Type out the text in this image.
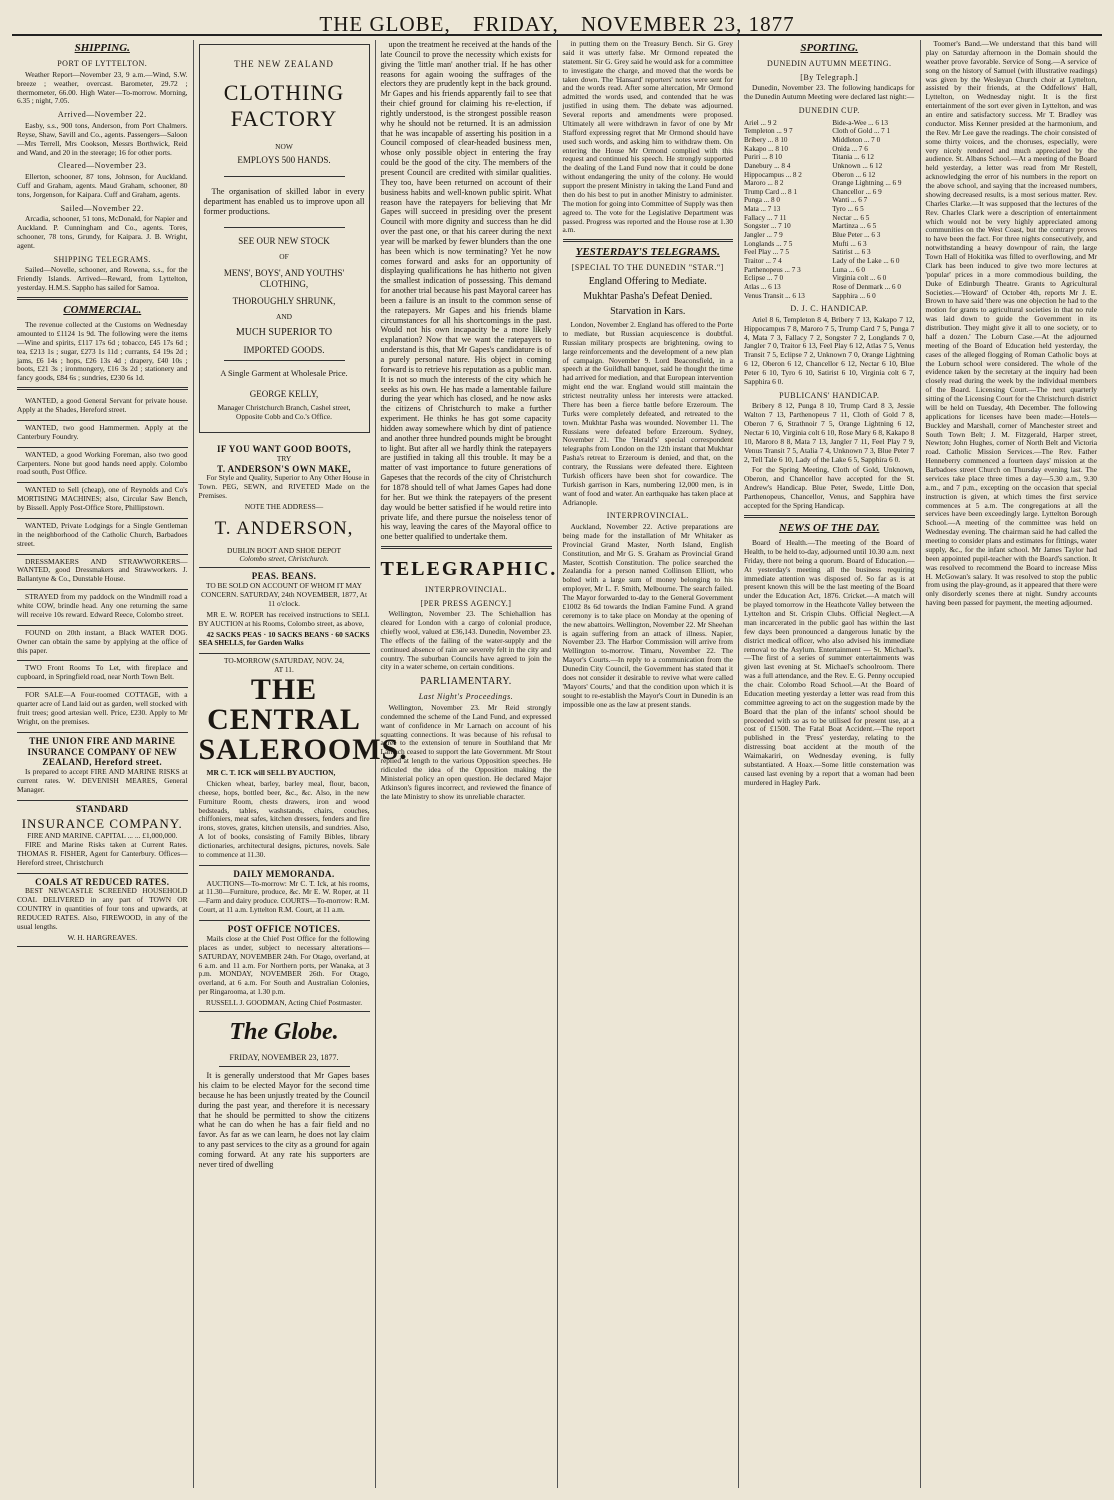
THE GLOBE, FRIDAY, NOVEMBER 23, 1877
SHIPPING.
PORT OF LYTTELTON.

Weather Report—November 23, 9 a.m.—Wind, S.W. breeze ; weather, overcast. Barometer, 29.72 ; thermometer, 66.00. High Water—To-morrow. Morning, 6.35 ; night, 7.05.

Arrived—November 22.

Easby, s.s., 900 tons, Anderson, from Port Chalmers. Reyse, Shaw, Savill and Co., agents. Passengers—Saloon—Mrs Terrell, Mrs Cookson, Messrs Borthwick, Reid and Wand, and 20 in the steerage; 16 for other ports.

Cleared—November 23.

Ellerton, schooner, 87 tons, Johnson, for Auckland. Cuff and Graham, agents. Maud Graham, schooner, 80 tons, Jorgenson, for Kaipara. Cuff and Graham, agents.

Sailed—November 22.

Arcadia, schooner, 51 tons, McDonald, for Napier and Auckland. P. Cunningham and Co., agents. Tores, schooner, 78 tons, Grundy, for Kaipara. J. B. Wright, agent.

SHIPPING TELEGRAMS.

Sailed—Novelle, schooner, and Rowena, s.s., for the Friendly Islands. Arrived—Reward, from Lyttelton, yesterday. H.M.S. Sappho has sailed for Samoa.

COMMERCIAL.

The revenue collected at the Customs on Wednesday amounted to £1124 1s 9d. The following were the items—Wine and spirits, £117 17s 6d ; tobacco, £45 17s 6d ; tea, £213 1s ; sugar, £273 1s 11d ; currants, £4 19s 2d ; jams, £6 14s ; hops, £26 13s 4d ; drapery, £40 10s ; boots, £21 3s ; ironmongery, £16 3s 2d ; stationery and fancy goods, £84 6s ; sundries, £230 6s 1d.

WANTED, a good General Servant for private house. Apply at the Shades, Hereford street.

WANTED, two good Hammermen. Apply at the Canterbury Foundry.

WANTED, a good Working Foreman, also two good Carpenters. None but good hands need apply. Colombo road south, Post Office.

WANTED to Sell (cheap), one of Reynolds and Co's MORTISING MACHINES; also, Circular Saw Bench, by Bissell. Apply Post-Office Store, Phillipstown.

WANTED, Private Lodgings for a Single Gentleman in the neighborhood of the Catholic Church, Barbadoes street.

DRESSMAKERS AND STRAWWORKERS—WANTED, good Dressmakers and Strawworkers. J. Ballantyne & Co., Dunstable House.

STRAYED from my paddock on the Windmill road a white COW, brindle head. Any one returning the same will receive 10s reward. Edward Reece, Colombo street.

FOUND on 20th instant, a Black WATER DOG. Owner can obtain the same by applying at the office of this paper.

TWO Front Rooms To Let, with fireplace and cupboard, in Springfield road, near North Town Belt.

FOR SALE—A Four-roomed COTTAGE, with a quarter acre of Land laid out as garden, well stocked with fruit trees; good artesian well. Price, £230. Apply to Mr Wright, on the premises.

THE UNION FIRE AND MARINE INSURANCE COMPANY OF NEW ZEALAND, Hereford street.

Is prepared to accept FIRE AND MARINE RISKS at current rates. W. DEVENISH MEARES, General Manager.

STANDARD
INSURANCE COMPANY.
FIRE AND MARINE. CAPITAL ... ... £1,000,000.

FIRE and Marine Risks taken at Current Rates. THOMAS R. FISHER, Agent for Canterbury. Offices—Hereford street, Christchurch

COALS AT REDUCED RATES.

BEST NEWCASTLE SCREENED HOUSEHOLD COAL DELIVERED in any part of TOWN OR COUNTRY in quantities of four tons and upwards, at REDUCED RATES. Also, FIREWOOD, in any of the usual lengths.

W. H. HARGREAVES.
THE NEW ZEALAND
CLOTHING FACTORY
NOW
EMPLOYS 500 HANDS.

The organisation of skilled labor in every department has enabled us to improve upon all former productions.

SEE OUR NEW STOCK
OF
MENS', BOYS', AND YOUTHS' CLOTHING,
THOROUGHLY SHRUNK,
AND
MUCH SUPERIOR TO
IMPORTED GOODS.
A Single Garment at Wholesale Price.
GEORGE KELLY,
Manager Christchurch Branch, Cashel street, Opposite Cobb and Co.'s Office.
IF YOU WANT GOOD BOOTS,
TRY
T. ANDERSON'S OWN MAKE,

For Style and Quality, Superior to Any Other House in Town. PEG, SEWN, and RIVETED Made on the Premises.

NOTE THE ADDRESS—
T. ANDERSON,
DUBLIN BOOT AND SHOE DEPOT
Colombo street, Christchurch.
PEAS. BEANS.

TO BE SOLD ON ACCOUNT OF WHOM IT MAY CONCERN. SATURDAY, 24th NOVEMBER, 1877, At 11 o'clock.

MR E. W. ROPER has received instructions to SELL BY AUCTION at his Rooms, Colombo street, as above,

42 SACKS PEAS · 10 SACKS BEANS · 60 SACKS SEA SHELLS, for Garden Walks

TO-MORROW (SATURDAY, NOV. 24,
AT 11.
THE CENTRAL
SALEROOMS.

MR C. T. ICK will SELL BY AUCTION,

Chicken wheat, barley, barley meal, flour, bacon, cheese, hops, bottled beer, &c., &c. Also, in the new Furniture Room, chests drawers, iron and wood bedsteads, tables, washstands, chairs, couches, chiffoniers, meat safes, kitchen dressers, fenders and fire irons, stoves, grates, kitchen utensils, and sundries. Also, A lot of books, consisting of Family Bibles, library dictionaries, architectural designs, pictures, novels. Sale to commence at 11.30.

DAILY MEMORANDA.

AUCTIONS—To-morrow: Mr C. T. Ick, at his rooms, at 11.30—Furniture, produce, &c. Mr E. W. Roper, at 11—Farm and dairy produce. COURTS—To-morrow: R.M. Court, at 11 a.m. Lyttelton R.M. Court, at 11 a.m.

POST OFFICE NOTICES.

Mails close at the Chief Post Office for the following places as under, subject to necessary alterations—SATURDAY, NOVEMBER 24th. For Otago, overland, at 6 a.m. and 11 a.m. For Northern ports, per Wanaka, at 3 p.m. MONDAY, NOVEMBER 26th. For Otago, overland, at 6 a.m. For South and Australian Colonies, per Ringarooma, at 1.30 p.m.

RUSSELL J. GOODMAN, Acting Chief Postmaster.
The Globe.
FRIDAY, NOVEMBER 23, 1877.

It is generally understood that Mr Gapes bases his claim to be elected Mayor for the second time because he has been unjustly treated by the Council during the past year, and therefore it is necessary that he should be permitted to show the citizens what he can do when he has a fair field and no favor. As far as we can learn, he does not lay claim to any past services to the city as a ground for again coming forward. At any rate his supporters are never tired of dwelling

upon the treatment he received at the hands of the late Council to prove the necessity which exists for giving the 'little man' another trial. If he has other reasons for again wooing the suffrages of the electors they are prudently kept in the back ground. Mr Gapes and his friends apparently fail to see that their chief ground for claiming his re-election, if rightly understood, is the strongest possible reason why he should not be returned. It is an admission that he was incapable of asserting his position in a Council composed of clear-headed business men, whose only possible object in entering the fray could be the good of the city. The members of the present Council are credited with similar qualities. They too, have been returned on account of their business habits and well-known public spirit. What reason have the ratepayers for believing that Mr Gapes will succeed in presiding over the present Council with more dignity and success than he did over the past one, or that his career during the next year will be marked by fewer blunders than the one has been which is now terminating? Yet he now comes forward and asks for an opportunity of displaying qualifications he has hitherto not given the smallest indication of possessing. This demand for another trial because his past Mayoral career has been a failure is an insult to the common sense of the ratepayers. Mr Gapes and his friends blame circumstances for all his shortcomings in the past. Would not his own incapacity be a more likely explanation? Now that we want the ratepayers to understand is this, that Mr Gapes's candidature is of a purely personal nature. His object in coming forward is to retrieve his reputation as a public man. It is not so much the interests of the city which he seeks as his own. He has made a lamentable failure during the year which has closed, and he now asks the citizens of Christchurch to make a further experiment. He thinks he has got some capacity hidden away somewhere which by dint of patience and another three hundred pounds might be brought to light. But after all we hardly think the ratepayers are justified in taking all this trouble. It may be a matter of vast importance to future generations of Gapeses that the records of the city of Christchurch for 1878 should tell of what James Gapes had done for her. But we think the ratepayers of the present day would be better satisfied if he would retire into private life, and there pursue the noiseless tenor of his way, leaving the cares of the Mayoral office to one better qualified to undertake them.

TELEGRAPHIC.
INTERPROVINCIAL.
[PER PRESS AGENCY.]

Wellington, November 23. The Schiehallion has cleared for London with a cargo of colonial produce, chiefly wool, valued at £36,143. Dunedin, November 23. The effects of the failing of the water-supply and the continued absence of rain are severely felt in the city and country. The suburban Councils have agreed to join the city in a water scheme, on certain conditions.

PARLIAMENTARY.
Last Night's Proceedings.

Wellington, November 23. Mr Reid strongly condemned the scheme of the Land Fund, and expressed want of confidence in Mr Larnach on account of his squatting connections. It was because of his refusal to agree to the extension of tenure in Southland that Mr Larnach ceased to support the late Government. Mr Stout replied at length to the various Opposition speeches. He ridiculed the idea of the Opposition making the Ministerial policy an open question. He declared Major Atkinson's figures incorrect, and reviewed the finance of the late Ministry to show its unreliable character.

in putting them on the Treasury Bench. Sir G. Grey said it was utterly false. Mr Ormond repeated the statement. Sir G. Grey said he would ask for a committee to investigate the charge, and moved that the words be taken down. The 'Hansard' reporters' notes were sent for and the words read. After some altercation, Mr Ormond admitted the words used, and contended that he was justified in using them. The debate was adjourned. Several reports and amendments were proposed. Ultimately all were withdrawn in favor of one by Mr Stafford expressing regret that Mr Ormond should have used such words, and asking him to withdraw them. On entering the House Mr Ormond complied with this request and continued his speech. He strongly supported the dealing of the Land Fund now that it could be done without endangering the unity of the colony. He would support the present Ministry in taking the Land Fund and then do his best to put in another Ministry to administer. The motion for going into Committee of Supply was then agreed to. The vote for the Legislative Department was passed. Progress was reported and the House rose at 1.30 a.m.

YESTERDAY'S TELEGRAMS.
[SPECIAL TO THE DUNEDIN "STAR."]
England Offering to Mediate.
Mukhtar Pasha's Defeat Denied.
Starvation in Kars.

London, November 2. England has offered to the Porte to mediate, but Russian acquiescence is doubtful. Russian military prospects are brightening, owing to large reinforcements and the development of a new plan of campaign. November 9. Lord Beaconsfield, in a speech at the Guildhall banquet, said he thought the time had arrived for mediation, and that European intervention might end the war. England would still maintain the strictest neutrality unless her interests were attacked. There has been a fierce battle before Erzeroum. The Turks were completely defeated, and retreated to the town. Mukhtar Pasha was wounded. November 11. The Russians were defeated before Erzeroum. Sydney, November 21. The 'Herald's' special correspondent telegraphs from London on the 12th instant that Mukhtar Pasha's retreat to Erzeroum is denied, and that, on the contrary, the Russians were defeated there. Eighteen Turkish officers have been shot for cowardice. The Turkish garrison in Kars, numbering 12,000 men, is in want of food and water. An earthquake has taken place at Adrianople.

INTERPROVINCIAL.

Auckland, November 22. Active preparations are being made for the installation of Mr Whitaker as Provincial Grand Master, North Island, English Constitution, and Mr G. S. Graham as Provincial Grand Master, Scottish Constitution. The police searched the Zealandia for a person named Collinson Elliott, who bolted with a large sum of money belonging to his employer, Mr L. F. Smith, Melbourne. The search failed. The Mayor forwarded to-day to the General Government £1002 8s 6d towards the Indian Famine Fund. A grand ceremony is to take place on Monday at the opening of the new abattoirs. Wellington, November 22. Mr Sheehan is again suffering from an attack of illness. Napier, November 23. The Harbor Commission will arrive from Wellington to-morrow. Timaru, November 22. The Mayor's Courts.—In reply to a communication from the Dunedin City Council, the Government has stated that it does not consider it desirable to revive what were called 'Mayors' Courts,' and that the condition upon which it is sought to re-establish the Mayor's Court in Dunedin is an impossible one as the law at present stands.

SPORTING.
DUNEDIN AUTUMN MEETING.
[By Telegraph.]

Dunedin, November 23. The following handicaps for the Dunedin Autumn Meeting were declared last night:—

DUNEDIN CUP.
Ariel ... 9 2
Templeton ... 9 7
Bribery ... 8 10
Kakapo ... 8 10
Puriri ... 8 10
Danebury ... 8 4
Hippocampus ... 8 2
Maroro ... 8 2
Trump Card ... 8 1
Punga ... 8 0
Mata ... 7 13
Fallacy ... 7 11
Songster ... 7 10
Jangler ... 7 9
Longlands ... 7 5
Feel Play ... 7 5
Traitor ... 7 4
Parthenopeus ... 7 3
Eclipse ... 7 0
Atlas ... 6 13
Venus Transit ... 6 13
Bide-a-Wee ... 6 13
Cloth of Gold ... 7 1
Middleton ... 7 0
Onida ... 7 6
Titania ... 6 12
Unknown ... 6 12
Oberon ... 6 12
Orange Lightning ... 6 9
Chancellor ... 6 9
Wanti ... 6 7
Tyro ... 6 5
Nectar ... 6 5
Martinza ... 6 5
Blue Peter ... 6 3
Mufti ... 6 3
Satirist ... 6 3
Lady of the Lake ... 6 0
Luna ... 6 0
Virginia colt ... 6 0
Rose of Denmark ... 6 0
Sapphira ... 6 0
D. J. C. HANDICAP.

Ariel 8 6, Templeton 8 4, Bribery 7 13, Kakapo 7 12, Hippocampus 7 8, Maroro 7 5, Trump Card 7 5, Punga 7 4, Mata 7 3, Fallacy 7 2, Songster 7 2, Longlands 7 0, Jangler 7 0, Traitor 6 13, Feel Play 6 12, Atlas 7 5, Venus Transit 7 5, Eclipse 7 2, Unknown 7 0, Orange Lightning 6 12, Oberon 6 12, Chancellor 6 12, Nectar 6 10, Blue Peter 6 10, Tyro 6 10, Satirist 6 10, Virginia colt 6 7, Sapphira 6 0.

PUBLICANS' HANDICAP.

Bribery 8 12, Punga 8 10, Trump Card 8 3, Jessie Walton 7 13, Parthenopeus 7 11, Cloth of Gold 7 8, Oberon 7 6, Strathnoir 7 5, Orange Lightning 6 12, Nectar 6 10, Virginia colt 6 10, Rose Mary 6 8, Kakapo 8 10, Maroro 8 8, Mata 7 13, Jangler 7 11, Feel Play 7 9, Venus Transit 7 5, Atalia 7 4, Unknown 7 3, Blue Peter 7 2, Tell Tale 6 10, Lady of the Lake 6 5, Sapphira 6 0.

For the Spring Meeting, Cloth of Gold, Unknown, Oberon, and Chancellor have accepted for the St. Andrew's Handicap. Blue Peter, Swede, Little Don, Parthenopeus, Chancellor, Venus, and Sapphira have accepted for the Spring Handicap.

NEWS OF THE DAY.

Board of Health.—The meeting of the Board of Health, to be held to-day, adjourned until 10.30 a.m. next Friday, there not being a quorum. Board of Education.—At yesterday's meeting all the business requiring immediate attention was disposed of. So far as is at present known this will be the last meeting of the Board under the Education Act, 1876. Cricket.—A match will be played tomorrow in the Heathcote Valley between the Lyttelton and St. Crispin Clubs. Official Neglect.—A man incarcerated in the public gaol has within the last few days been pronounced a dangerous lunatic by the district medical officer, who also advised his immediate removal to the Asylum. Entertainment — St. Michael's.—The first of a series of summer entertainments was given last evening at St. Michael's schoolroom. There was a full attendance, and the Rev. E. G. Penny occupied the chair. Colombo Road School.—At the Board of Education meeting yesterday a letter was read from this committee agreeing to act on the suggestion made by the Board that the plan of the infants' school should be proceeded with so as to be utilised for present use, at a cost of £1500. The Fatal Boat Accident.—The report published in the 'Press' yesterday, relating to the distressing boat accident at the mouth of the Waimakariri, on Wednesday evening, is fully substantiated. A Hoax.—Some little consternation was caused last evening by a report that a woman had been murdered in Hagley Park.

Toomer's Band.—We understand that this band will play on Saturday afternoon in the Domain should the weather prove favorable. Service of Song.—A service of song on the history of Samuel (with illustrative readings) was given by the Wesleyan Church choir at Lyttelton, assisted by their friends, at the Oddfellows' Hall, Lyttelton, on Wednesday night. It is the first entertainment of the sort ever given in Lyttelton, and was an entire and satisfactory success. Mr T. Bradley was conductor. Miss Kenner presided at the harmonium, and the Rev. Mr Lee gave the readings. The choir consisted of some thirty voices, and the choruses, especially, were very nicely rendered and much appreciated by the audience. St. Albans School.—At a meeting of the Board held yesterday, a letter was read from Mr Restell, acknowledging the error of his numbers in the report on the above school, and saying that the increased numbers, showing decreased results, is a most serious matter. Rev. Charles Clarke.—It was supposed that the lectures of the Rev. Charles Clark were a description of entertainment which would not be very highly appreciated among communities on the West Coast, but the contrary proves to have been the fact. For three nights consecutively, and notwithstanding a heavy downpour of rain, the large Town Hall of Hokitika was filled to overflowing, and Mr Clark has been induced to give two more lectures at 'popular' prices in a more commodious building, the Duke of Edinburgh Theatre. Grants to Agricultural Societies.—'Howard' of October 4th, reports Mr J. E. Brown to have said 'there was one objection he had to the motion for grants to agricultural societies in that no rule was laid down to guide the Government in its distribution. They might give it all to one society, or to half a dozen.' The Loburn Case.—At the adjourned meeting of the Board of Education held yesterday, the cases of the alleged flogging of Roman Catholic boys at the Loburn school were considered. The whole of the evidence taken by the secretary at the inquiry had been closely read during the week by the individual members of the Board. Licensing Court.—The next quarterly sitting of the Licensing Court for the Christchurch district will be held on Tuesday, 4th December. The following applications for licenses have been made:—Hotels—Buckley and Marshall, corner of Manchester street and South Town Belt; J. M. Fitzgerald, Harper street, Newton; John Hughes, corner of North Belt and Victoria road. Catholic Mission Services.—The Rev. Father Henneberry commenced a fourteen days' mission at the Barbadoes street Church on Thursday evening last. The services take place three times a day—5.30 a.m., 9.30 a.m., and 7 p.m., excepting on the occasion that special instruction is given, at which times the first service commences at 5 a.m. The congregations at all the services have been exceedingly large. Lyttelton Borough School.—A meeting of the committee was held on Wednesday evening. The chairman said he had called the meeting to consider plans and estimates for fittings, water supply, &c., for the infant school. Mr James Taylor had been appointed pupil-teacher with the Board's sanction. It was resolved to recommend the Board to increase Miss H. McGowan's salary. It was resolved to stop the public from using the play-ground, as it appeared that there were only disorderly scenes there at night. Sundry accounts having been passed for payment, the meeting adjourned.
